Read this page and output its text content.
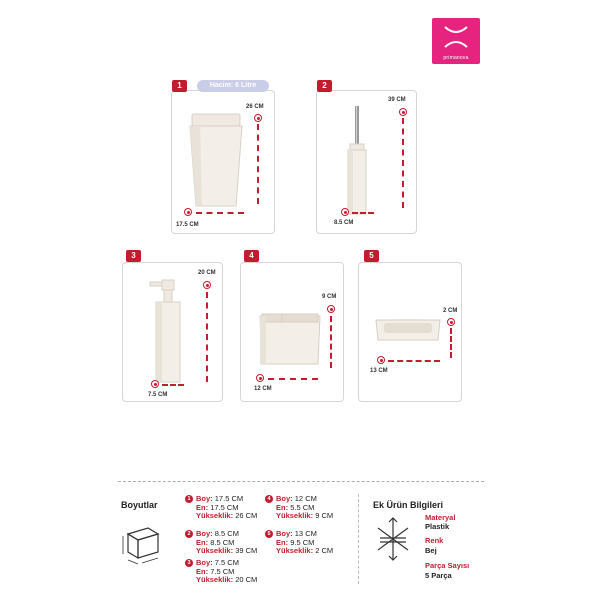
primanova
1	Hacim: 6 Litre
26 CM
17.5 CM
2
39 CM
8.5 CM
3
20 CM
7.5 CM
4
9 CM
12 CM
5
2 CM
13 CM
Boyutlar
1 Boy: 17.5 CM
En: 17.5 CM
Yükseklik: 26 CM
2 Boy: 8.5 CM
En: 8.5 CM
Yükseklik: 39 CM
3 Boy: 7.5 CM
En: 7.5 CM
Yükseklik: 20 CM
4 Boy: 12 CM
En: 5.5 CM
Yükseklik: 9 CM
5 Boy: 13 CM
En: 9.5 CM
Yükseklik: 2 CM
Ek Ürün Bilgileri
Materyal
Plastik
Renk
Bej
Parça Sayısı
5 Parça
